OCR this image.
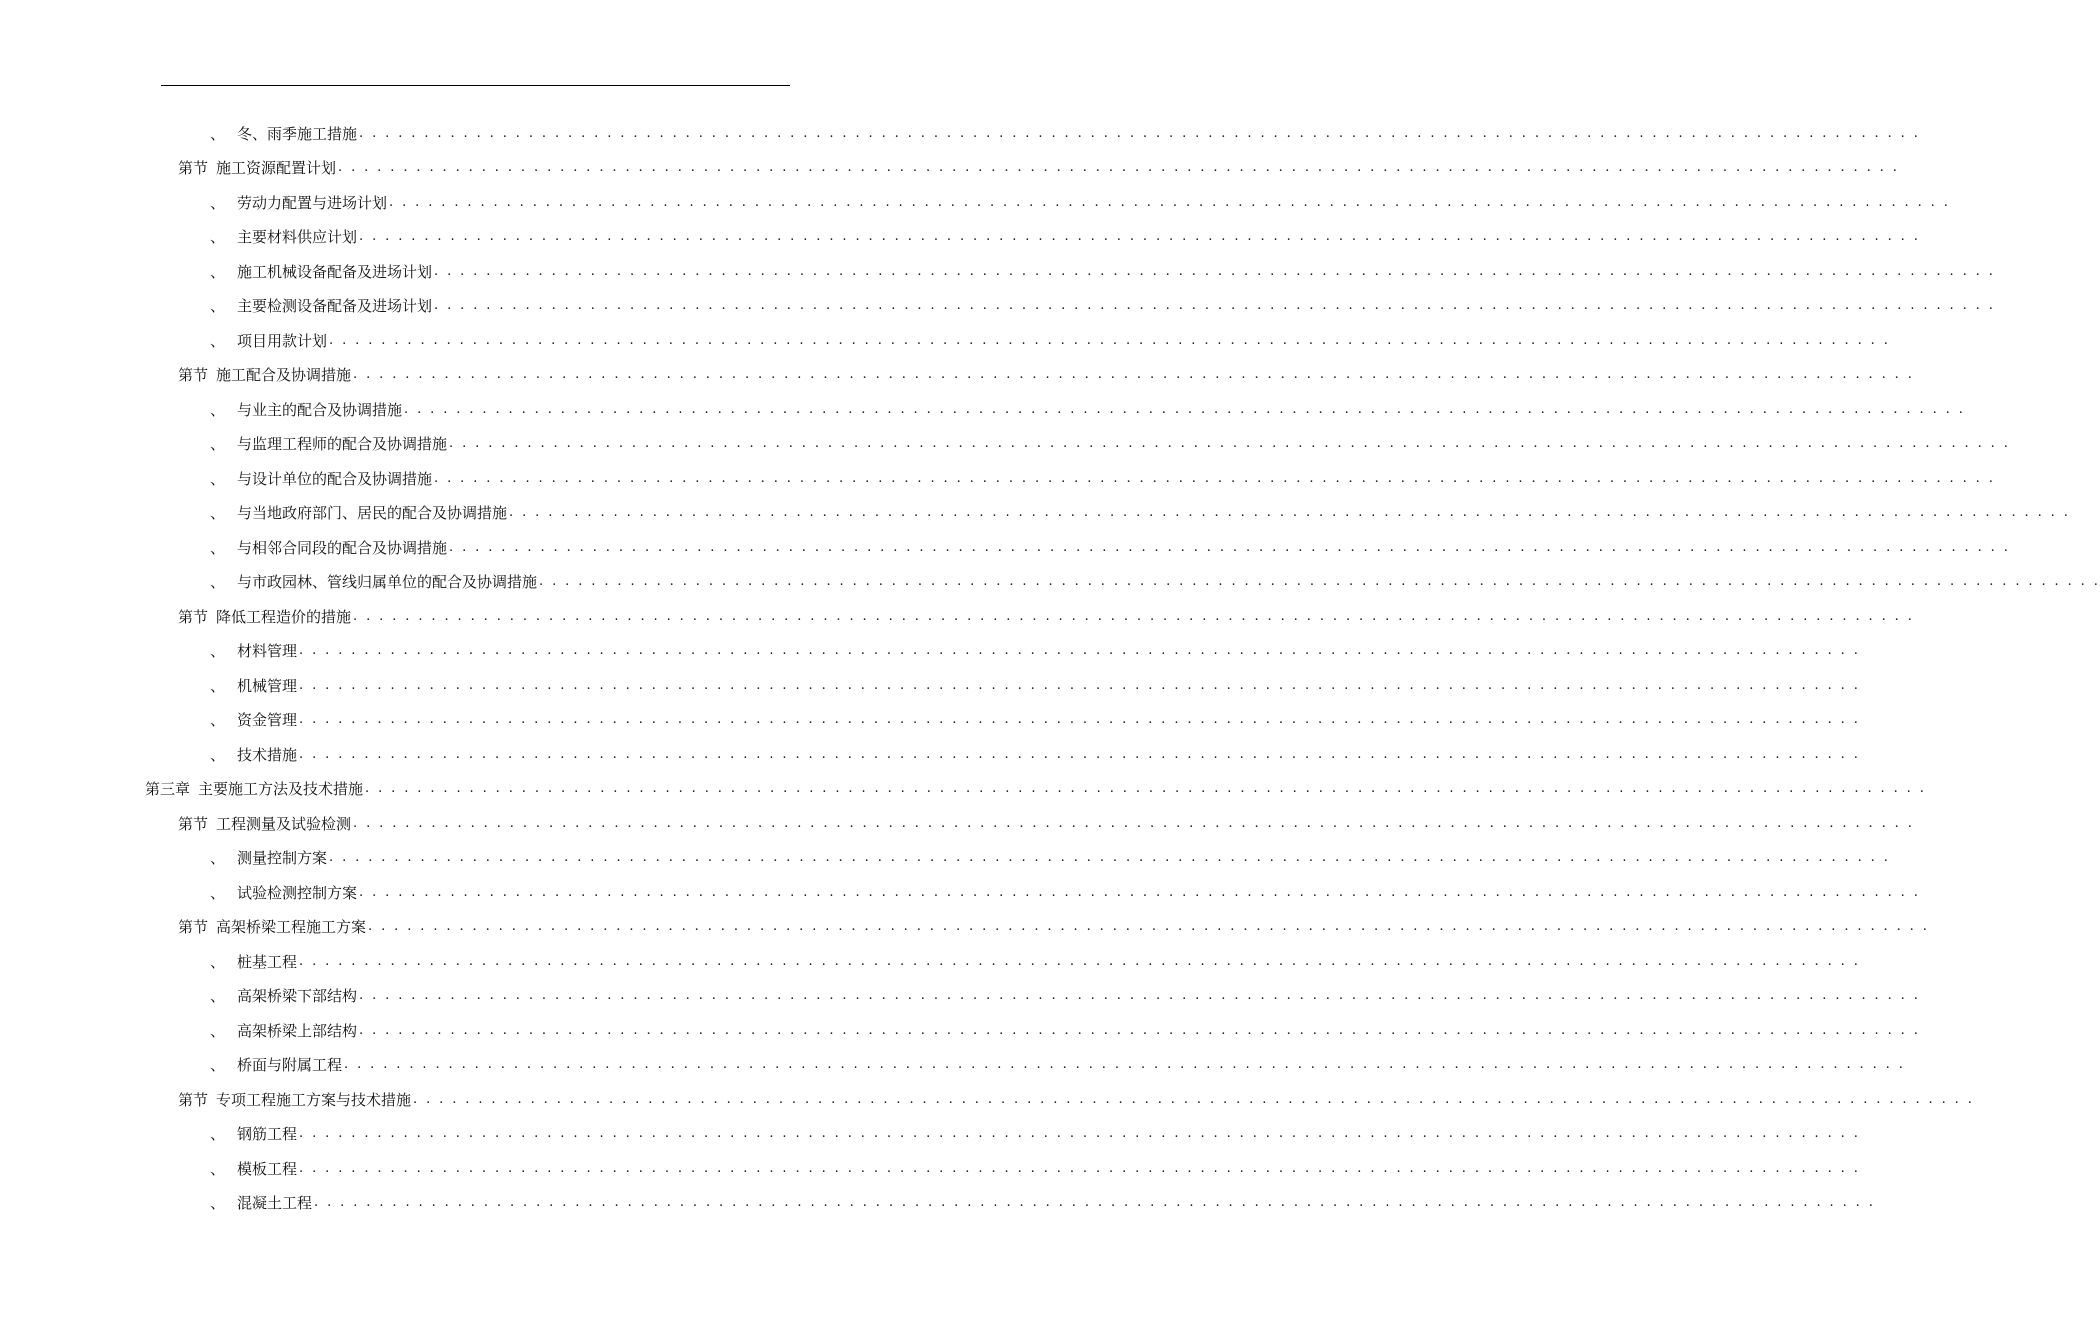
、 冬、雨季施工措施 . . . . . . . . . . . . . . . . . . . . . . . . . . . . . . . . . . . . . . . . . . . . . . . . . . . . . . . . . . . . . . . . . . . . . . . . . . . . . . . . . . . . . . . . . . . . . . . . . . . . . . . . . . . . . . . . . . . . . . . .
第节 施工资源配置计划 . . . . . . . . . . . . . . . . . . . . . . . . . . . . . . . . . . . . . . . . . . . . . . . . . . . . . . . . . . . . . . . . . . . . . . . . . . . . . . . . . . . . . . . . . . . . . . . . . . . . . . . . . . . . . . . . . . . . . . . .
、 劳动力配置与进场计划 . . . . . . . . . . . . . . . . . . . . . . . . . . . . . . . . . . . . . . . . . . . . . . . . . . . . . . . . . . . . . . . . . . . . . . . . . . . . . . . . . . . . . . . . . . . . . . . . . . . . . . . . . . . . . . . . . . . . . . . .
、 主要材料供应计划 . . . . . . . . . . . . . . . . . . . . . . . . . . . . . . . . . . . . . . . . . . . . . . . . . . . . . . . . . . . . . . . . . . . . . . . . . . . . . . . . . . . . . . . . . . . . . . . . . . . . . . . . . . . . . . . . . . . . . . . .
、 施工机械设备配备及进场计划 . . . . . . . . . . . . . . . . . . . . . . . . . . . . . . . . . . . . . . . . . . . . . . . . . . . . . . . . . . . . . . . . . . . . . . . . . . . . . . . . . . . . . . . . . . . . . . . . . . . . . . . . . . . . . . . . . . . . . . . .
、 主要检测设备配备及进场计划 . . . . . . . . . . . . . . . . . . . . . . . . . . . . . . . . . . . . . . . . . . . . . . . . . . . . . . . . . . . . . . . . . . . . . . . . . . . . . . . . . . . . . . . . . . . . . . . . . . . . . . . . . . . . . . . . . . . . . . . .
、 项目用款计划 . . . . . . . . . . . . . . . . . . . . . . . . . . . . . . . . . . . . . . . . . . . . . . . . . . . . . . . . . . . . . . . . . . . . . . . . . . . . . . . . . . . . . . . . . . . . . . . . . . . . . . . . . . . . . . . . . . . . . . . .
第节 施工配合及协调措施 . . . . . . . . . . . . . . . . . . . . . . . . . . . . . . . . . . . . . . . . . . . . . . . . . . . . . . . . . . . . . . . . . . . . . . . . . . . . . . . . . . . . . . . . . . . . . . . . . . . . . . . . . . . . . . . . . . . . . . . .
、 与业主的配合及协调措施 . . . . . . . . . . . . . . . . . . . . . . . . . . . . . . . . . . . . . . . . . . . . . . . . . . . . . . . . . . . . . . . . . . . . . . . . . . . . . . . . . . . . . . . . . . . . . . . . . . . . . . . . . . . . . . . . . . . . . . . .
、 与监理工程师的配合及协调措施 . . . . . . . . . . . . . . . . . . . . . . . . . . . . . . . . . . . . . . . . . . . . . . . . . . . . . . . . . . . . . . . . . . . . . . . . . . . . . . . . . . . . . . . . . . . . . . . . . . . . . . . . . . . . . . . . . . . . . . . .
、 与设计单位的配合及协调措施 . . . . . . . . . . . . . . . . . . . . . . . . . . . . . . . . . . . . . . . . . . . . . . . . . . . . . . . . . . . . . . . . . . . . . . . . . . . . . . . . . . . . . . . . . . . . . . . . . . . . . . . . . . . . . . . . . . . . . . . .
、 与当地政府部门、居民的配合及协调措施 . . . . . . . . . . . . . . . . . . . . . . . . . . . . . . . . . . . . . . . . . . . . . . . . . . . . . . . . . . . . . . . . . . . . . . . . . . . . . . . . . . . . . . . . . . . . . . . . . . . . . . . . . . . . . . . . . . . . . . . .
、 与相邻合同段的配合及协调措施 . . . . . . . . . . . . . . . . . . . . . . . . . . . . . . . . . . . . . . . . . . . . . . . . . . . . . . . . . . . . . . . . . . . . . . . . . . . . . . . . . . . . . . . . . . . . . . . . . . . . . . . . . . . . . . . . . . . . . . . .
、 与市政园林、管线归属单位的配合及协调措施 . . . . . . . . . . . . . . . . . . . . . . . . . . . . . . . . . . . . . . . . . . . . . . . . . . . . . . . . . . . . . . . . . . . . . . . . . . . . . . . . . . . . . . . . . . . . . . . . . . . . . . . . . . . . . . . . . . . . . . . .
第节 降低工程造价的措施 . . . . . . . . . . . . . . . . . . . . . . . . . . . . . . . . . . . . . . . . . . . . . . . . . . . . . . . . . . . . . . . . . . . . . . . . . . . . . . . . . . . . . . . . . . . . . . . . . . . . . . . . . . . . . . . . . . . . . . . .
、 材料管理 . . . . . . . . . . . . . . . . . . . . . . . . . . . . . . . . . . . . . . . . . . . . . . . . . . . . . . . . . . . . . . . . . . . . . . . . . . . . . . . . . . . . . . . . . . . . . . . . . . . . . . . . . . . . . . . . . . . . . . . .
、 机械管理 . . . . . . . . . . . . . . . . . . . . . . . . . . . . . . . . . . . . . . . . . . . . . . . . . . . . . . . . . . . . . . . . . . . . . . . . . . . . . . . . . . . . . . . . . . . . . . . . . . . . . . . . . . . . . . . . . . . . . . . .
、 资金管理 . . . . . . . . . . . . . . . . . . . . . . . . . . . . . . . . . . . . . . . . . . . . . . . . . . . . . . . . . . . . . . . . . . . . . . . . . . . . . . . . . . . . . . . . . . . . . . . . . . . . . . . . . . . . . . . . . . . . . . . .
、 技术措施 . . . . . . . . . . . . . . . . . . . . . . . . . . . . . . . . . . . . . . . . . . . . . . . . . . . . . . . . . . . . . . . . . . . . . . . . . . . . . . . . . . . . . . . . . . . . . . . . . . . . . . . . . . . . . . . . . . . . . . . .
第三章 主要施工方法及技术措施 . . . . . . . . . . . . . . . . . . . . . . . . . . . . . . . . . . . . . . . . . . . . . . . . . . . . . . . . . . . . . . . . . . . . . . . . . . . . . . . . . . . . . . . . . . . . . . . . . . . . . . . . . . . . . . . . . . . . . . . .
第节 工程测量及试验检测 . . . . . . . . . . . . . . . . . . . . . . . . . . . . . . . . . . . . . . . . . . . . . . . . . . . . . . . . . . . . . . . . . . . . . . . . . . . . . . . . . . . . . . . . . . . . . . . . . . . . . . . . . . . . . . . . . . . . . . . .
、 测量控制方案 . . . . . . . . . . . . . . . . . . . . . . . . . . . . . . . . . . . . . . . . . . . . . . . . . . . . . . . . . . . . . . . . . . . . . . . . . . . . . . . . . . . . . . . . . . . . . . . . . . . . . . . . . . . . . . . . . . . . . . . .
、 试验检测控制方案 . . . . . . . . . . . . . . . . . . . . . . . . . . . . . . . . . . . . . . . . . . . . . . . . . . . . . . . . . . . . . . . . . . . . . . . . . . . . . . . . . . . . . . . . . . . . . . . . . . . . . . . . . . . . . . . . . . . . . . . .
第节 高架桥梁工程施工方案 . . . . . . . . . . . . . . . . . . . . . . . . . . . . . . . . . . . . . . . . . . . . . . . . . . . . . . . . . . . . . . . . . . . . . . . . . . . . . . . . . . . . . . . . . . . . . . . . . . . . . . . . . . . . . . . . . . . . . . . .
、 桩基工程 . . . . . . . . . . . . . . . . . . . . . . . . . . . . . . . . . . . . . . . . . . . . . . . . . . . . . . . . . . . . . . . . . . . . . . . . . . . . . . . . . . . . . . . . . . . . . . . . . . . . . . . . . . . . . . . . . . . . . . . .
、 高架桥梁下部结构 . . . . . . . . . . . . . . . . . . . . . . . . . . . . . . . . . . . . . . . . . . . . . . . . . . . . . . . . . . . . . . . . . . . . . . . . . . . . . . . . . . . . . . . . . . . . . . . . . . . . . . . . . . . . . . . . . . . . . . . .
、 高架桥梁上部结构 . . . . . . . . . . . . . . . . . . . . . . . . . . . . . . . . . . . . . . . . . . . . . . . . . . . . . . . . . . . . . . . . . . . . . . . . . . . . . . . . . . . . . . . . . . . . . . . . . . . . . . . . . . . . . . . . . . . . . . . .
、 桥面与附属工程 . . . . . . . . . . . . . . . . . . . . . . . . . . . . . . . . . . . . . . . . . . . . . . . . . . . . . . . . . . . . . . . . . . . . . . . . . . . . . . . . . . . . . . . . . . . . . . . . . . . . . . . . . . . . . . . . . . . . . . . .
第节 专项工程施工方案与技术措施 . . . . . . . . . . . . . . . . . . . . . . . . . . . . . . . . . . . . . . . . . . . . . . . . . . . . . . . . . . . . . . . . . . . . . . . . . . . . . . . . . . . . . . . . . . . . . . . . . . . . . . . . . . . . . . . . . . . . . . . .
、 钢筋工程 . . . . . . . . . . . . . . . . . . . . . . . . . . . . . . . . . . . . . . . . . . . . . . . . . . . . . . . . . . . . . . . . . . . . . . . . . . . . . . . . . . . . . . . . . . . . . . . . . . . . . . . . . . . . . . . . . . . . . . . .
、 模板工程 . . . . . . . . . . . . . . . . . . . . . . . . . . . . . . . . . . . . . . . . . . . . . . . . . . . . . . . . . . . . . . . . . . . . . . . . . . . . . . . . . . . . . . . . . . . . . . . . . . . . . . . . . . . . . . . . . . . . . . . .
、 混凝土工程 . . . . . . . . . . . . . . . . . . . . . . . . . . . . . . . . . . . . . . . . . . . . . . . . . . . . . . . . . . . . . . . . . . . . . . . . . . . . . . . . . . . . . . . . . . . . . . . . . . . . . . . . . . . . . . . . . . . . . . . .
